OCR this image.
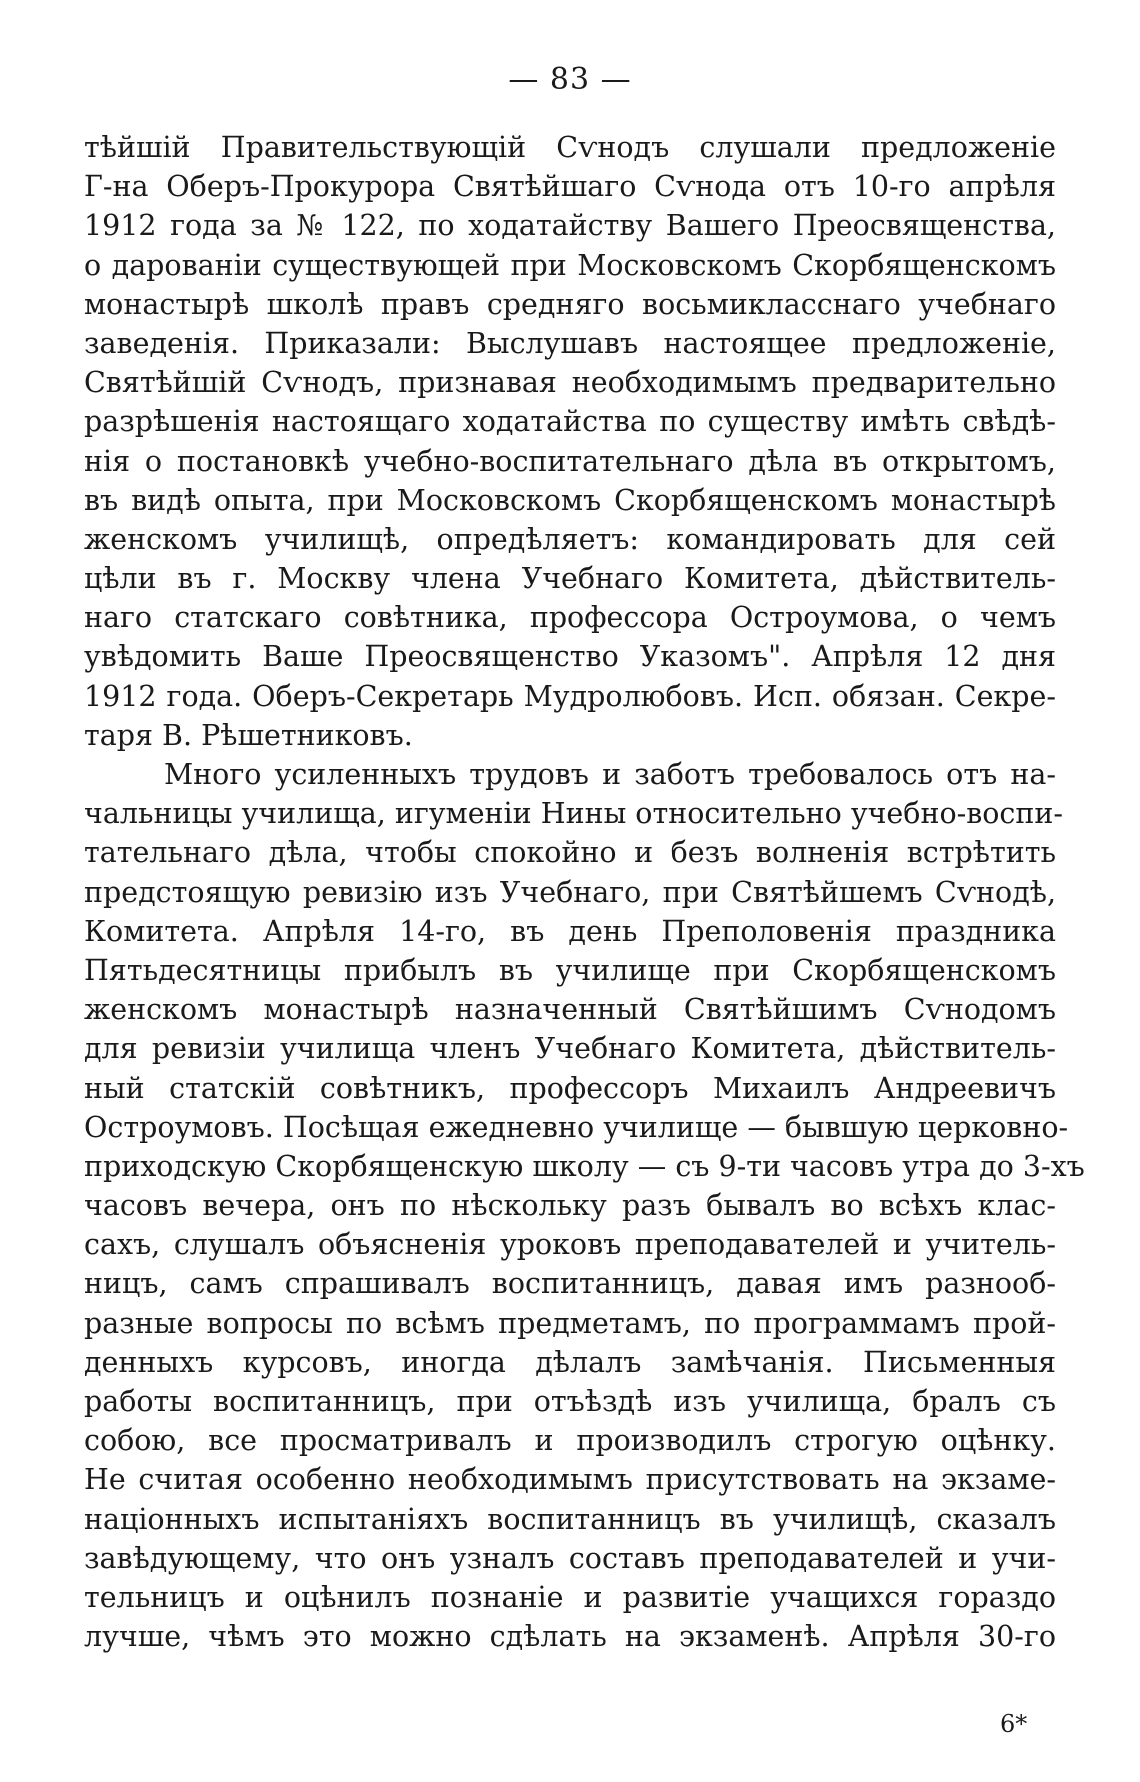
— 83 —
тѣйшій Правительствующій Сѵнодъ слушали предложеніе
Г-на Оберъ-Прокурора Святѣйшаго Сѵнода отъ 10-го апрѣля
1912 года за № 122, по ходатайству Вашего Преосвященства,
о дарованіи существующей при Московскомъ Скорбященскомъ
монастырѣ школѣ правъ средняго восьмикласснаго учебнаго
заведенія. Приказали: Выслушавъ настоящее предложеніе,
Святѣйшій Сѵнодъ, признавая необходимымъ предварительно
разрѣшенія настоящаго ходатайства по существу имѣть свѣдѣ-
нія о постановкѣ учебно-воспитательнаго дѣла въ открытомъ,
въ видѣ опыта, при Московскомъ Скорбященскомъ монастырѣ
женскомъ училищѣ, опредѣляетъ: командировать для сей
цѣли въ г. Москву члена Учебнаго Комитета, дѣйствитель-
наго статскаго совѣтника, профессора Остроумова, о чемъ
увѣдомить Ваше Преосвященство Указомъ". Апрѣля 12 дня
1912 года. Оберъ-Секретарь Мудролюбовъ. Исп. обязан. Секре-
таря В. Рѣшетниковъ.
Много усиленныхъ трудовъ и заботъ требовалось отъ на-
чальницы училища, игуменіи Нины относительно учебно-воспи-
тательнаго дѣла, чтобы спокойно и безъ волненія встрѣтить
предстоящую ревизію изъ Учебнаго, при Святѣйшемъ Сѵнодѣ,
Комитета. Апрѣля 14-го, въ день Преполовенія праздника
Пятьдесятницы прибылъ въ училище при Скорбященскомъ
женскомъ монастырѣ назначенный Святѣйшимъ Сѵнодомъ
для ревизіи училища членъ Учебнаго Комитета, дѣйствитель-
ный статскій совѣтникъ, профессоръ Михаилъ Андреевичъ
Остроумовъ. Посѣщая ежедневно училище — бывшую церковно-
приходскую Скорбященскую школу — съ 9-ти часовъ утра до 3-хъ
часовъ вечера, онъ по нѣскольку разъ бывалъ во всѣхъ клас-
сахъ, слушалъ объясненія уроковъ преподавателей и учитель-
ницъ, самъ спрашивалъ воспитанницъ, давая имъ разнооб-
разные вопросы по всѣмъ предметамъ, по программамъ прой-
денныхъ курсовъ, иногда дѣлалъ замѣчанія. Письменныя
работы воспитанницъ, при отъѣздѣ изъ училища, бралъ съ
собою, все просматривалъ и производилъ строгую оцѣнку.
Не считая особенно необходимымъ присутствовать на экзаме-
націонныхъ испытаніяхъ воспитанницъ въ училищѣ, сказалъ
завѣдующему, что онъ узналъ составъ преподавателей и учи-
тельницъ и оцѣнилъ познаніе и развитіе учащихся гораздо
лучше, чѣмъ это можно сдѣлать на экзаменѣ. Апрѣля 30-го
6*
